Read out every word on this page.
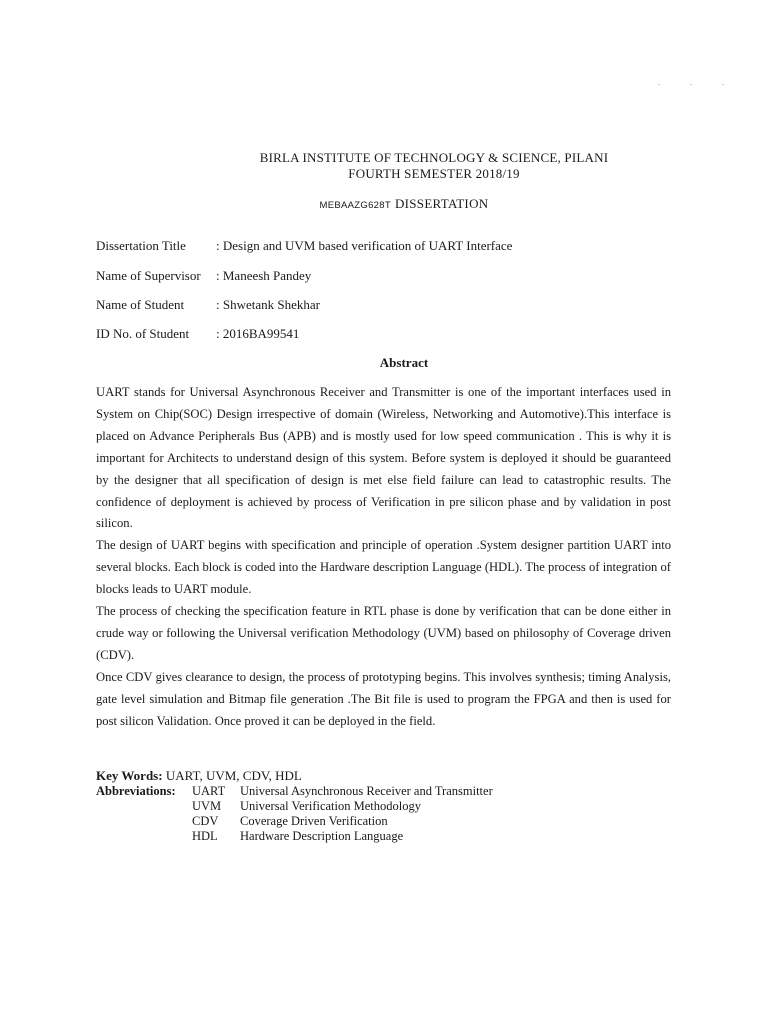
. . .
BIRLA INSTITUTE OF TECHNOLOGY & SCIENCE, PILANI
FOURTH SEMESTER 2018/19
MEBAAZG628T DISSERTATION
Dissertation Title : Design and UVM based verification of UART Interface
Name of Supervisor : Maneesh Pandey
Name of Student : Shwetank Shekhar
ID No. of Student : 2016BA99541
Abstract

UART stands for Universal Asynchronous Receiver and Transmitter is one of the important interfaces used in System on Chip(SOC) Design irrespective of domain (Wireless, Networking and Automotive).This interface is placed on Advance Peripherals Bus (APB) and is mostly used for low speed communication . This is why it is important for Architects to understand design of this system. Before system is deployed it should be guaranteed by the designer that all specification of design is met else field failure can lead to catastrophic results. The confidence of deployment is achieved by process of Verification in pre silicon phase and by validation in post silicon.

The design of UART begins with specification and principle of operation .System designer partition UART into several blocks. Each block is coded into the Hardware description Language (HDL). The process of integration of blocks leads to UART module.

The process of checking the specification feature in RTL phase is done by verification that can be done either in crude way or following the Universal verification Methodology (UVM) based on philosophy of Coverage driven (CDV).

Once CDV gives clearance to design, the process of prototyping begins. This involves synthesis; timing Analysis, gate level simulation and Bitmap file generation .The Bit file is used to program the FPGA and then is used for post silicon Validation. Once proved it can be deployed in the field.

Key Words: UART, UVM, CDV, HDL
Abbreviations: UART Universal Asynchronous Receiver and Transmitter
UVM Universal Verification Methodology
CDV Coverage Driven Verification
HDL Hardware Description Language
